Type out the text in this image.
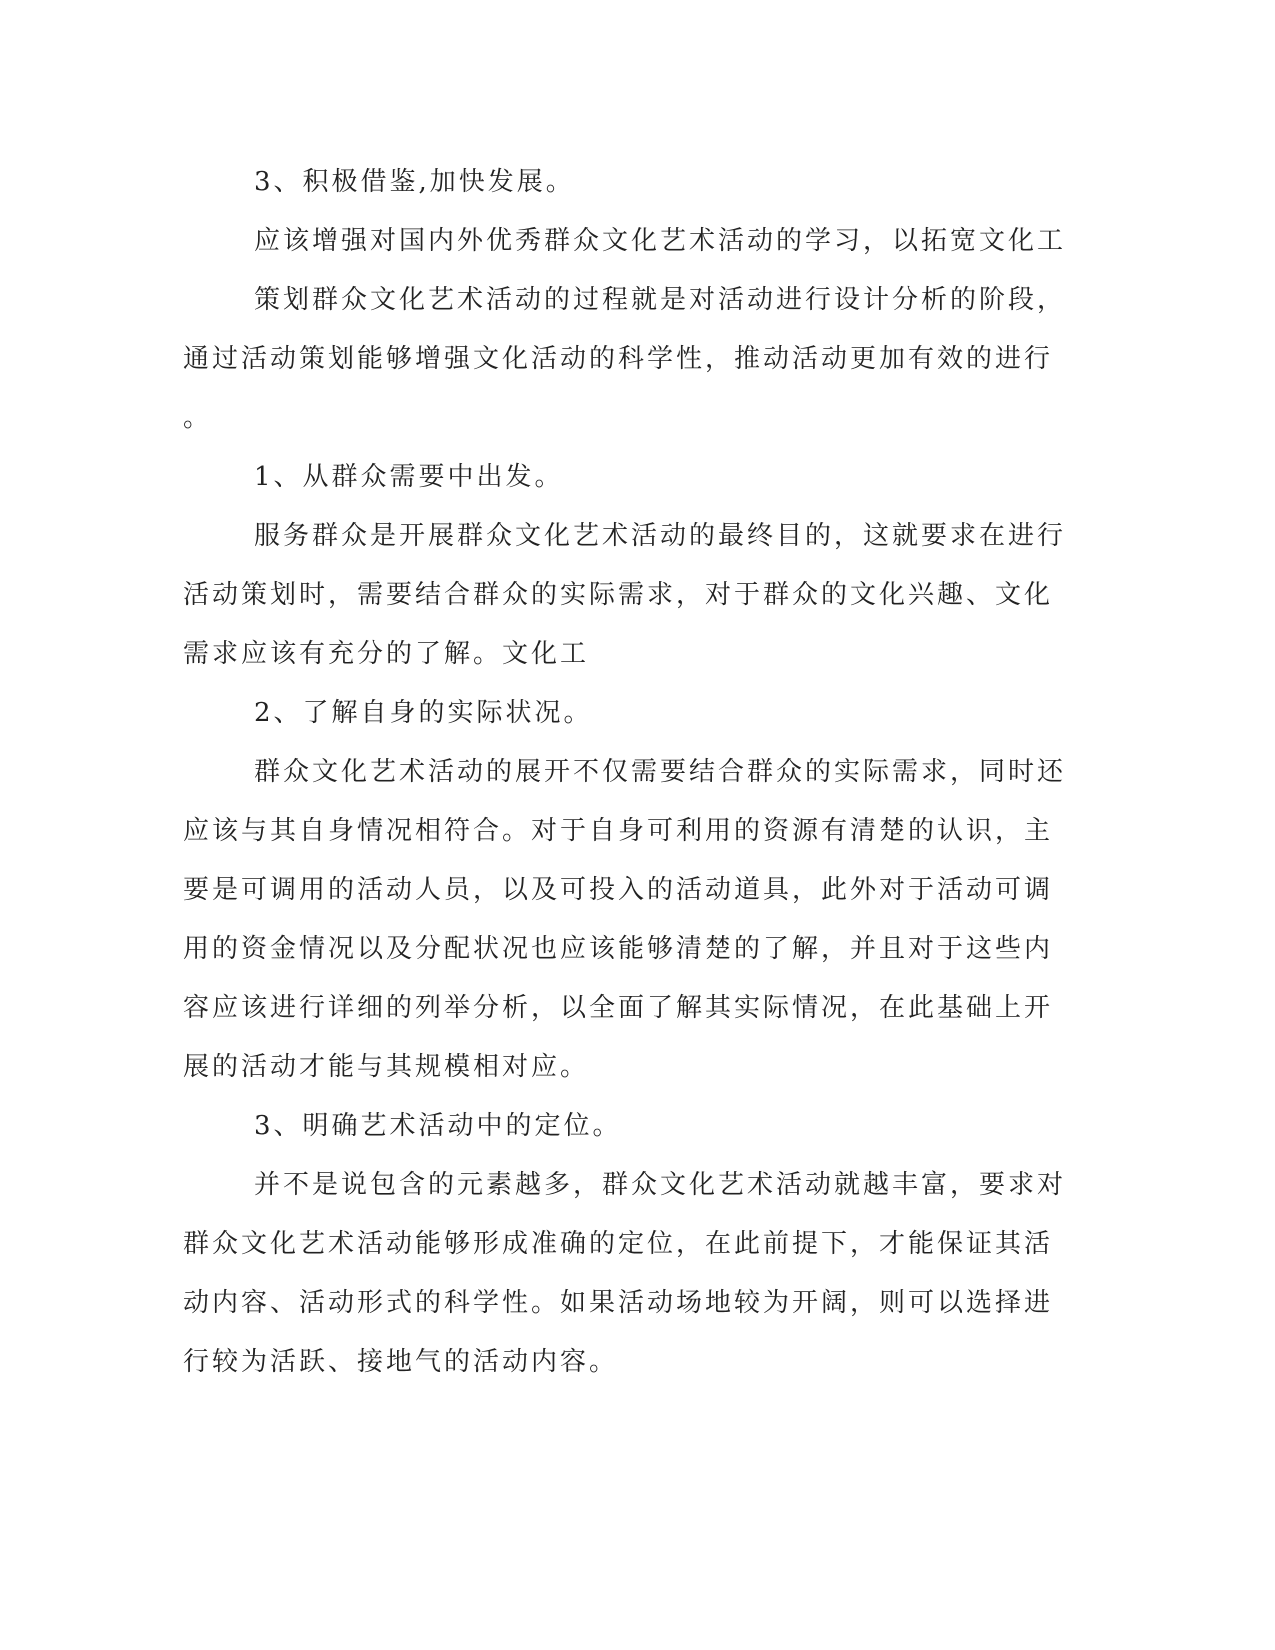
3、积极借鉴,加快发展。
应该增强对国内外优秀群众文化艺术活动的学习，以拓宽文化工
策划群众文化艺术活动的过程就是对活动进行设计分析的阶段，
通过活动策划能够增强文化活动的科学性，推动活动更加有效的进行
。
1、从群众需要中出发。
服务群众是开展群众文化艺术活动的最终目的，这就要求在进行
活动策划时，需要结合群众的实际需求，对于群众的文化兴趣、文化
需求应该有充分的了解。文化工
2、了解自身的实际状况。
群众文化艺术活动的展开不仅需要结合群众的实际需求，同时还
应该与其自身情况相符合。对于自身可利用的资源有清楚的认识，主
要是可调用的活动人员，以及可投入的活动道具，此外对于活动可调
用的资金情况以及分配状况也应该能够清楚的了解，并且对于这些内
容应该进行详细的列举分析，以全面了解其实际情况，在此基础上开
展的活动才能与其规模相对应。
3、明确艺术活动中的定位。
并不是说包含的元素越多，群众文化艺术活动就越丰富，要求对
群众文化艺术活动能够形成准确的定位，在此前提下，才能保证其活
动内容、活动形式的科学性。如果活动场地较为开阔，则可以选择进
行较为活跃、接地气的活动内容。
